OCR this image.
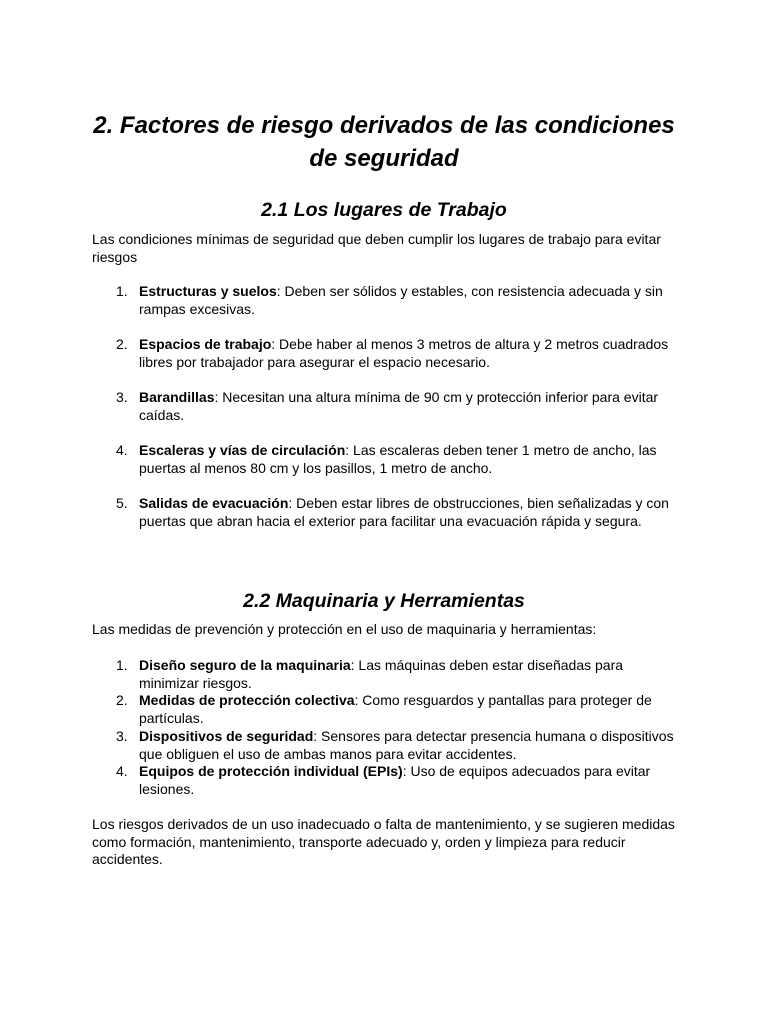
2. Factores de riesgo derivados de las condiciones de seguridad
2.1 Los lugares de Trabajo

Las condiciones mínimas de seguridad que deben cumplir los lugares de trabajo para evitar riesgos

1. Estructuras y suelos: Deben ser sólidos y estables, con resistencia adecuada y sin rampas excesivas.
2. Espacios de trabajo: Debe haber al menos 3 metros de altura y 2 metros cuadrados libres por trabajador para asegurar el espacio necesario.
3. Barandillas: Necesitan una altura mínima de 90 cm y protección inferior para evitar caídas.
4. Escaleras y vías de circulación: Las escaleras deben tener 1 metro de ancho, las puertas al menos 80 cm y los pasillos, 1 metro de ancho.
5. Salidas de evacuación: Deben estar libres de obstrucciones, bien señalizadas y con puertas que abran hacia el exterior para facilitar una evacuación rápida y segura.
2.2 Maquinaria y Herramientas

Las medidas de prevención y protección en el uso de maquinaria y herramientas:

1. Diseño seguro de la maquinaria: Las máquinas deben estar diseñadas para minimizar riesgos.
2. Medidas de protección colectiva: Como resguardos y pantallas para proteger de partículas.
3. Dispositivos de seguridad: Sensores para detectar presencia humana o dispositivos que obliguen el uso de ambas manos para evitar accidentes.
4. Equipos de protección individual (EPIs): Uso de equipos adecuados para evitar lesiones.

Los riesgos derivados de un uso inadecuado o falta de mantenimiento, y se sugieren medidas como formación, mantenimiento, transporte adecuado y, orden y limpieza para reducir accidentes.
